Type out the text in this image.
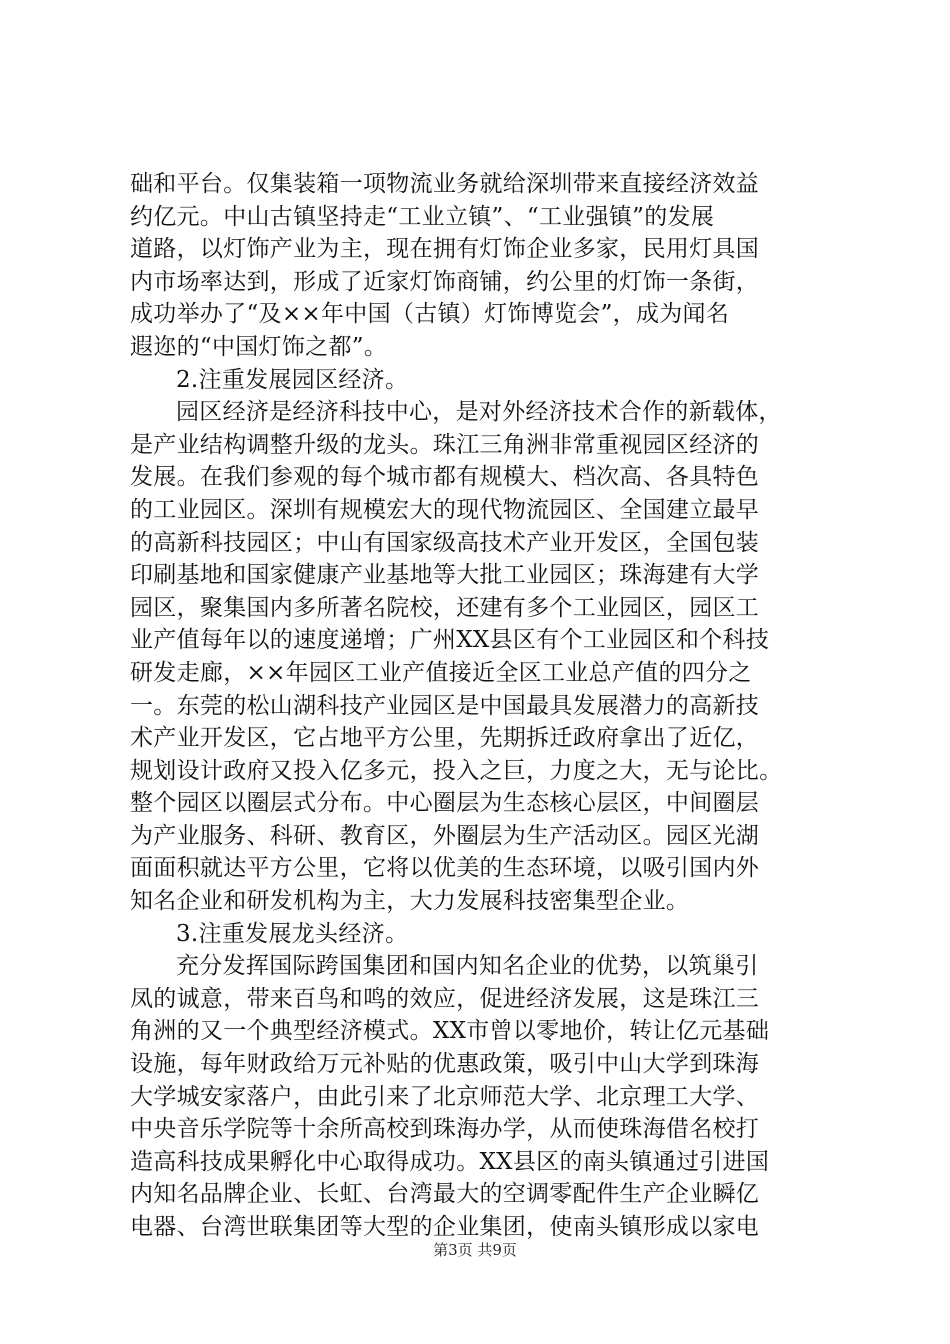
础和平台。仅集装箱一项物流业务就给深圳带来直接经济效益
约亿元。中山古镇坚持走“工业立镇”、“工业强镇”的发展
道路，以灯饰产业为主，现在拥有灯饰企业多家，民用灯具国
内市场率达到，形成了近家灯饰商铺，约公里的灯饰一条街，
成功举办了“及××年中国（古镇）灯饰博览会”，成为闻名
遐迩的“中国灯饰之都”。
2.注重发展园区经济。
园区经济是经济科技中心，是对外经济技术合作的新载体，
是产业结构调整升级的龙头。珠江三角洲非常重视园区经济的
发展。在我们参观的每个城市都有规模大、档次高、各具特色
的工业园区。深圳有规模宏大的现代物流园区、全国建立最早
的高新科技园区；中山有国家级高技术产业开发区，全国包装
印刷基地和国家健康产业基地等大批工业园区；珠海建有大学
园区，聚集国内多所著名院校，还建有多个工业园区，园区工
业产值每年以的速度递增；广州XX县区有个工业园区和个科技
研发走廊，××年园区工业产值接近全区工业总产值的四分之
一。东莞的松山湖科技产业园区是中国最具发展潜力的高新技
术产业开发区，它占地平方公里，先期拆迁政府拿出了近亿，
规划设计政府又投入亿多元，投入之巨，力度之大，无与论比。
整个园区以圈层式分布。中心圈层为生态核心层区，中间圈层
为产业服务、科研、教育区，外圈层为生产活动区。园区光湖
面面积就达平方公里，它将以优美的生态环境，以吸引国内外
知名企业和研发机构为主，大力发展科技密集型企业。
3.注重发展龙头经济。
充分发挥国际跨国集团和国内知名企业的优势，以筑巢引
凤的诚意，带来百鸟和鸣的效应，促进经济发展，这是珠江三
角洲的又一个典型经济模式。XX市曾以零地价，转让亿元基础
设施，每年财政给万元补贴的优惠政策，吸引中山大学到珠海
大学城安家落户，由此引来了北京师范大学、北京理工大学、
中央音乐学院等十余所高校到珠海办学，从而使珠海借名校打
造高科技成果孵化中心取得成功。XX县区的南头镇通过引进国
内知名品牌企业、长虹、台湾最大的空调零配件生产企业瞬亿
电器、台湾世联集团等大型的企业集团，使南头镇形成以家电
第3页 共9页
